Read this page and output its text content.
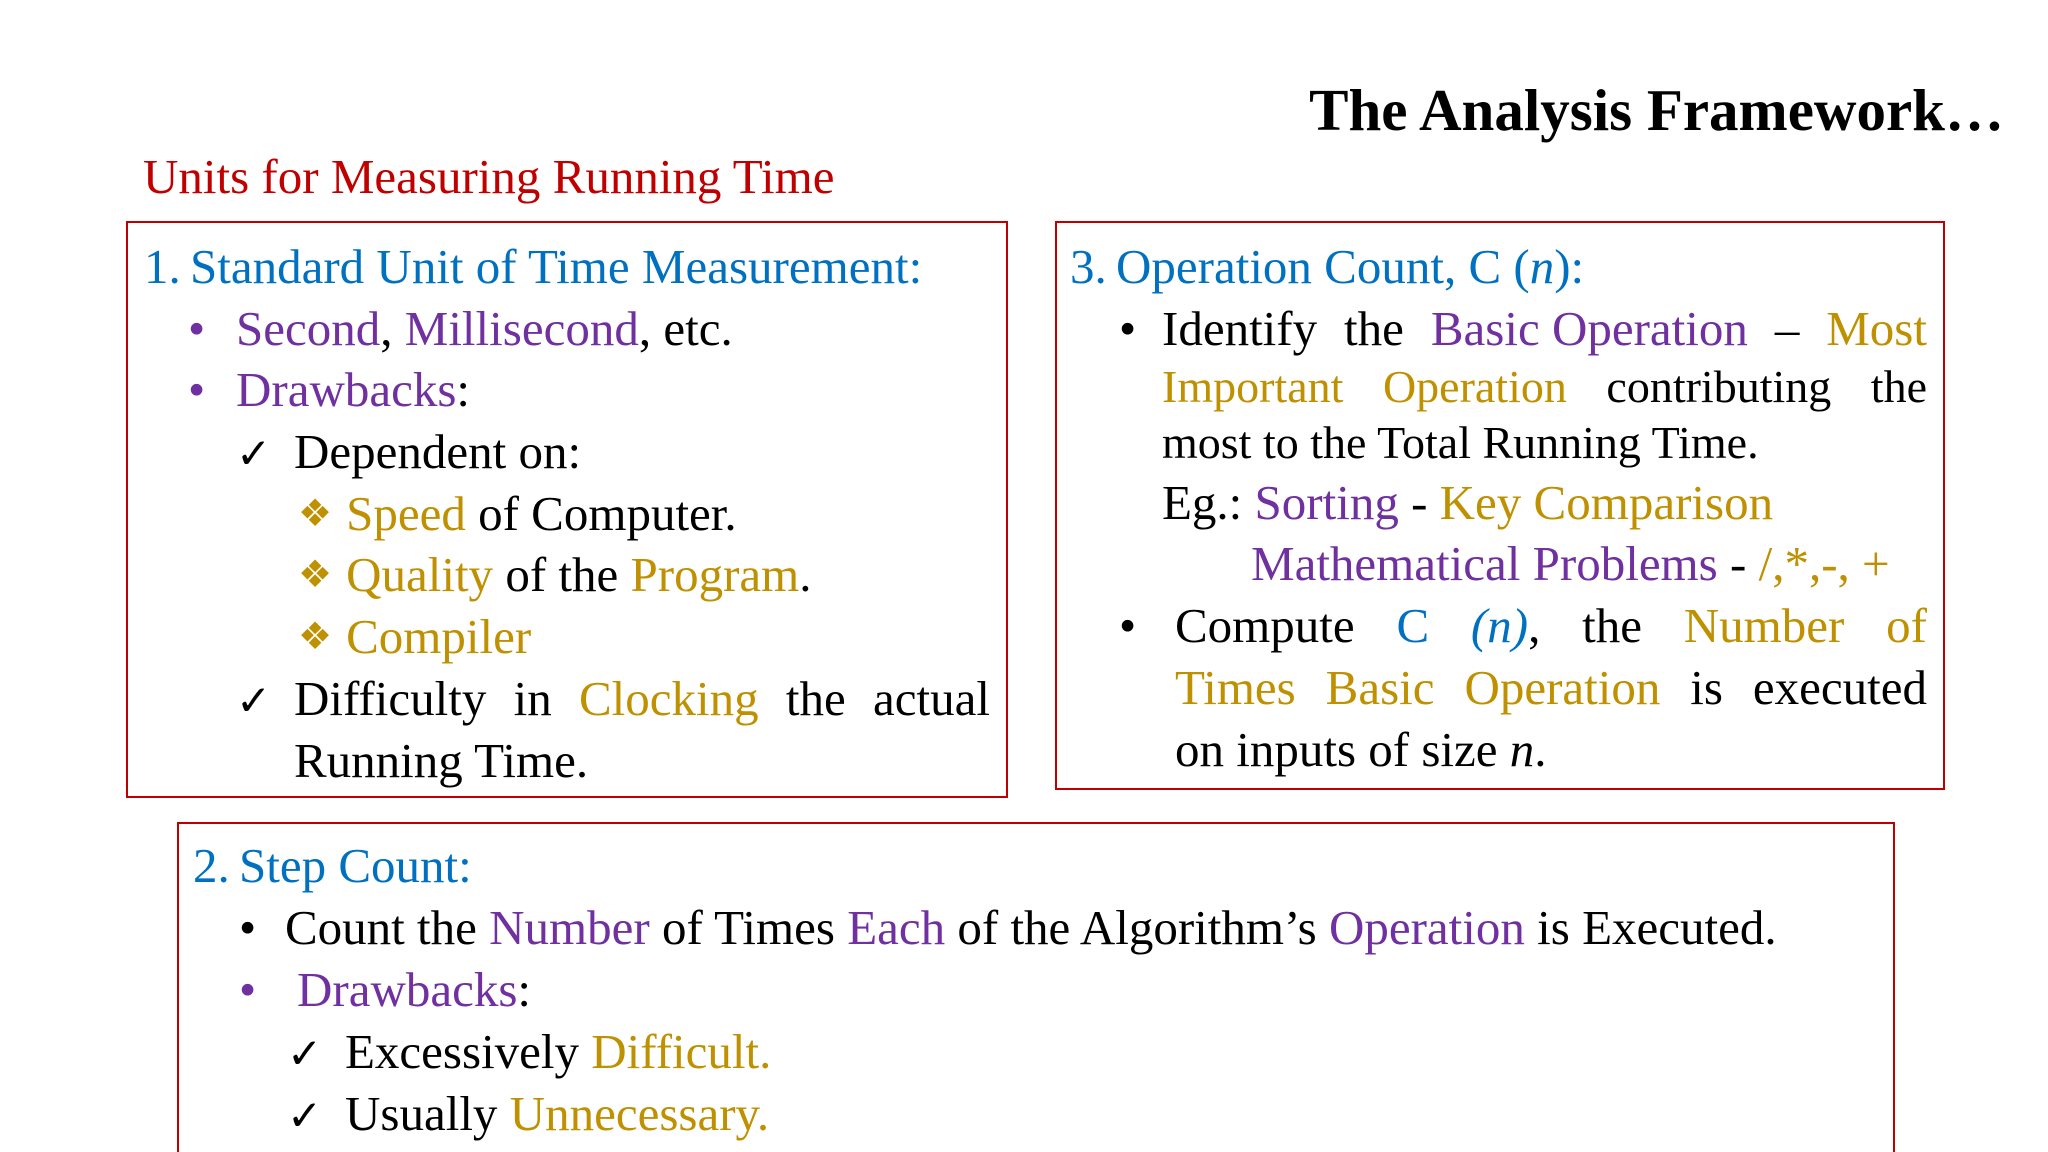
The Analysis Framework…
Units for Measuring Running Time
1. Standard Unit of Time Measurement:
• Second, Millisecond, etc.
• Drawbacks:
✓ Dependent on:
❖ Speed of Computer.
❖ Quality of the Program.
❖ Compiler
✓ Difficulty in Clocking the actual
Running Time.
3. Operation Count, C (n):
• Identify the Basic Operation – Most
Important Operation contributing the
most to the Total Running Time.
Eg.: Sorting - Key Comparison
Mathematical Problems - /,*,-, +
• Compute C (n), the Number of
Times Basic Operation is executed
on inputs of size n.
2. Step Count:
• Count the Number of Times Each of the Algorithm’s Operation is Executed.
• Drawbacks:
✓ Excessively Difficult.
✓ Usually Unnecessary.
